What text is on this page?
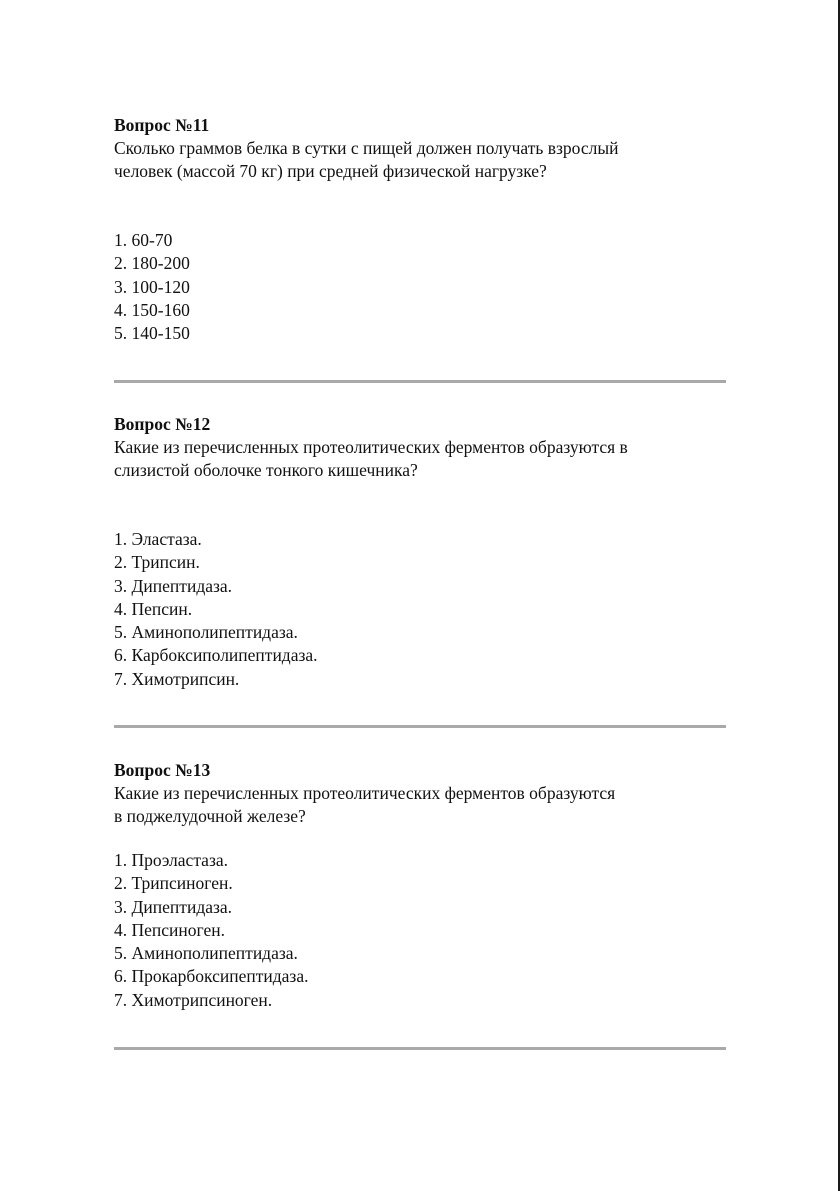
Вопрос №11

Сколько граммов белка в сутки с пищей должен получать взрослый

человек (массой 70 кг) при средней физической нагрузке?

1. 60-70
2. 180-200
3. 100-120
4. 150-160
5. 140-150

Вопрос №12

Какие из перечисленных протеолитических ферментов образуются в

слизистой оболочке тонкого кишечника?

1. Эластаза.
2. Трипсин.
3. Дипептидаза.
4. Пепсин.
5. Аминополипептидаза.
6. Карбоксиполипептидаза.
7. Химотрипсин.

Вопрос №13

Какие из перечисленных протеолитических ферментов образуются

в поджелудочной железе?

1. Проэластаза.
2. Трипсиноген.
3. Дипептидаза.
4. Пепсиноген.
5. Аминополипептидаза.
6. Прокарбоксипептидаза.
7. Химотрипсиноген.
